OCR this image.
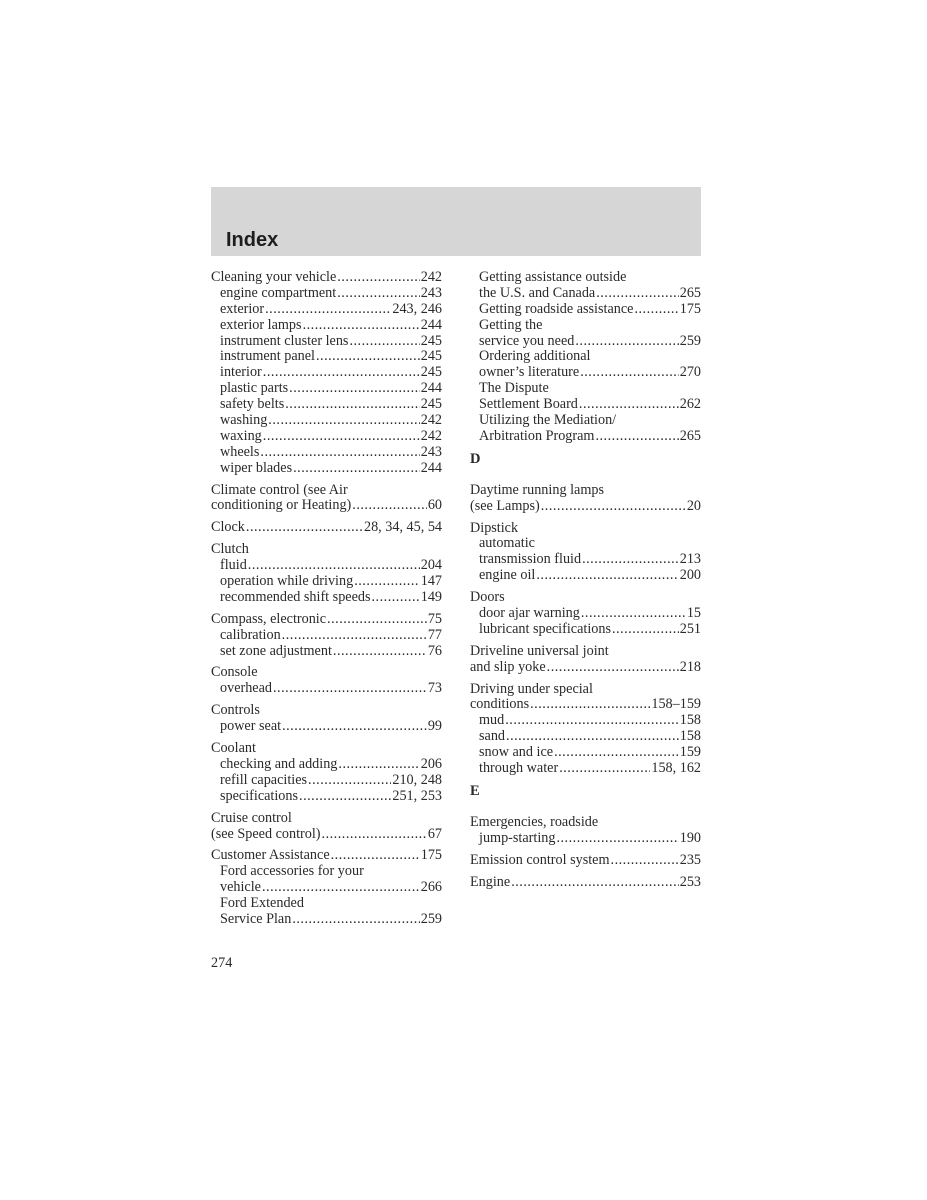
Index
Cleaning your vehicle .....	242
engine compartment .....	243
exterior .....	243, 246
exterior lamps .....	244
instrument cluster lens .....	245
instrument panel .....	245
interior .....	245
plastic parts .....	244
safety belts .....	245
washing .....	242
waxing .....	242
wheels .....	243
wiper blades .....	244
Climate control (see Air
conditioning or Heating) .....	60
Clock .....	28, 34, 45, 54
Clutch
fluid .....	204
operation while driving .....	147
recommended shift speeds .....	149
Compass, electronic .....	75
calibration .....	77
set zone adjustment .....	76
Console
overhead .....	73
Controls
power seat .....	99
Coolant
checking and adding .....	206
refill capacities .....	210, 248
specifications .....	251, 253
Cruise control
(see Speed control) .....	67
Customer Assistance .....	175
Ford accessories for your
vehicle .....	266
Ford Extended
Service Plan .....	259
Getting assistance outside
the U.S. and Canada .....	265
Getting roadside assistance .....	175
Getting the
service you need .....	259
Ordering additional
owner’s literature .....	270
The Dispute
Settlement Board .....	262
Utilizing the Mediation/
Arbitration Program .....	265
D
Daytime running lamps
(see Lamps) .....	20
Dipstick
automatic
transmission fluid .....	213
engine oil .....	200
Doors
door ajar warning .....	15
lubricant specifications .....	251
Driveline universal joint
and slip yoke .....	218
Driving under special
conditions .....	158–159
mud .....	158
sand .....	158
snow and ice .....	159
through water .....	158, 162
E
Emergencies, roadside
jump-starting .....	190
Emission control system .....	235
Engine .....	253
274
